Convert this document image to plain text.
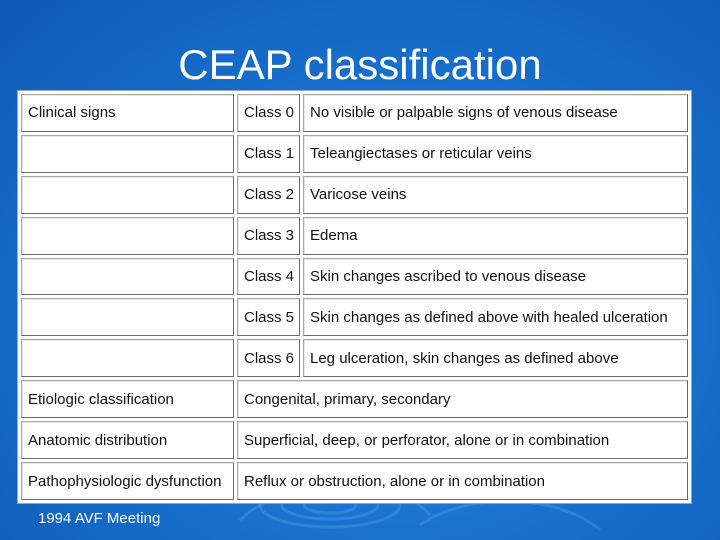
CEAP classification
Clinical signs	Class 0	No visible or palpable signs of venous disease
	Class 1	Teleangiectases or reticular veins
	Class 2	Varicose veins
	Class 3	Edema
	Class 4	Skin changes ascribed to venous disease
	Class 5	Skin changes as defined above with healed ulceration
	Class 6	Leg ulceration, skin changes as defined above
Etiologic classification	Congenital, primary, secondary	
Anatomic distribution	Superficial, deep, or perforator, alone or in combination	
Pathophysiologic dysfunction	Reflux or obstruction, alone or in combination	
1994 AVF Meeting
